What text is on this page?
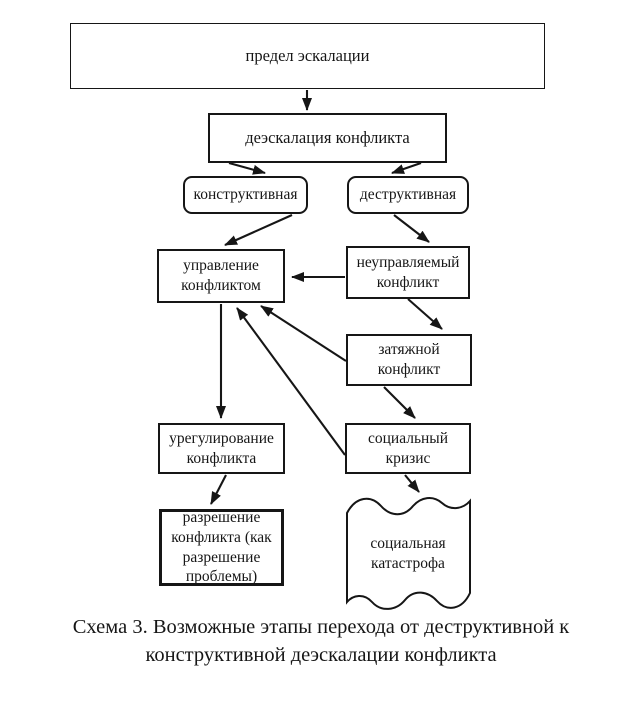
предел эскалации
деэскалация конфликта
конструктивная	деструктивная
управление конфликтом
неуправляемый конфликт
затяжной конфликт
урегулирование конфликта
социальный кризис
разрешение конфликта (как разрешение проблемы)
социальная катастрофа
Схема 3. Возможные этапы перехода от деструктивной к конструктивной деэскалации конфликта
